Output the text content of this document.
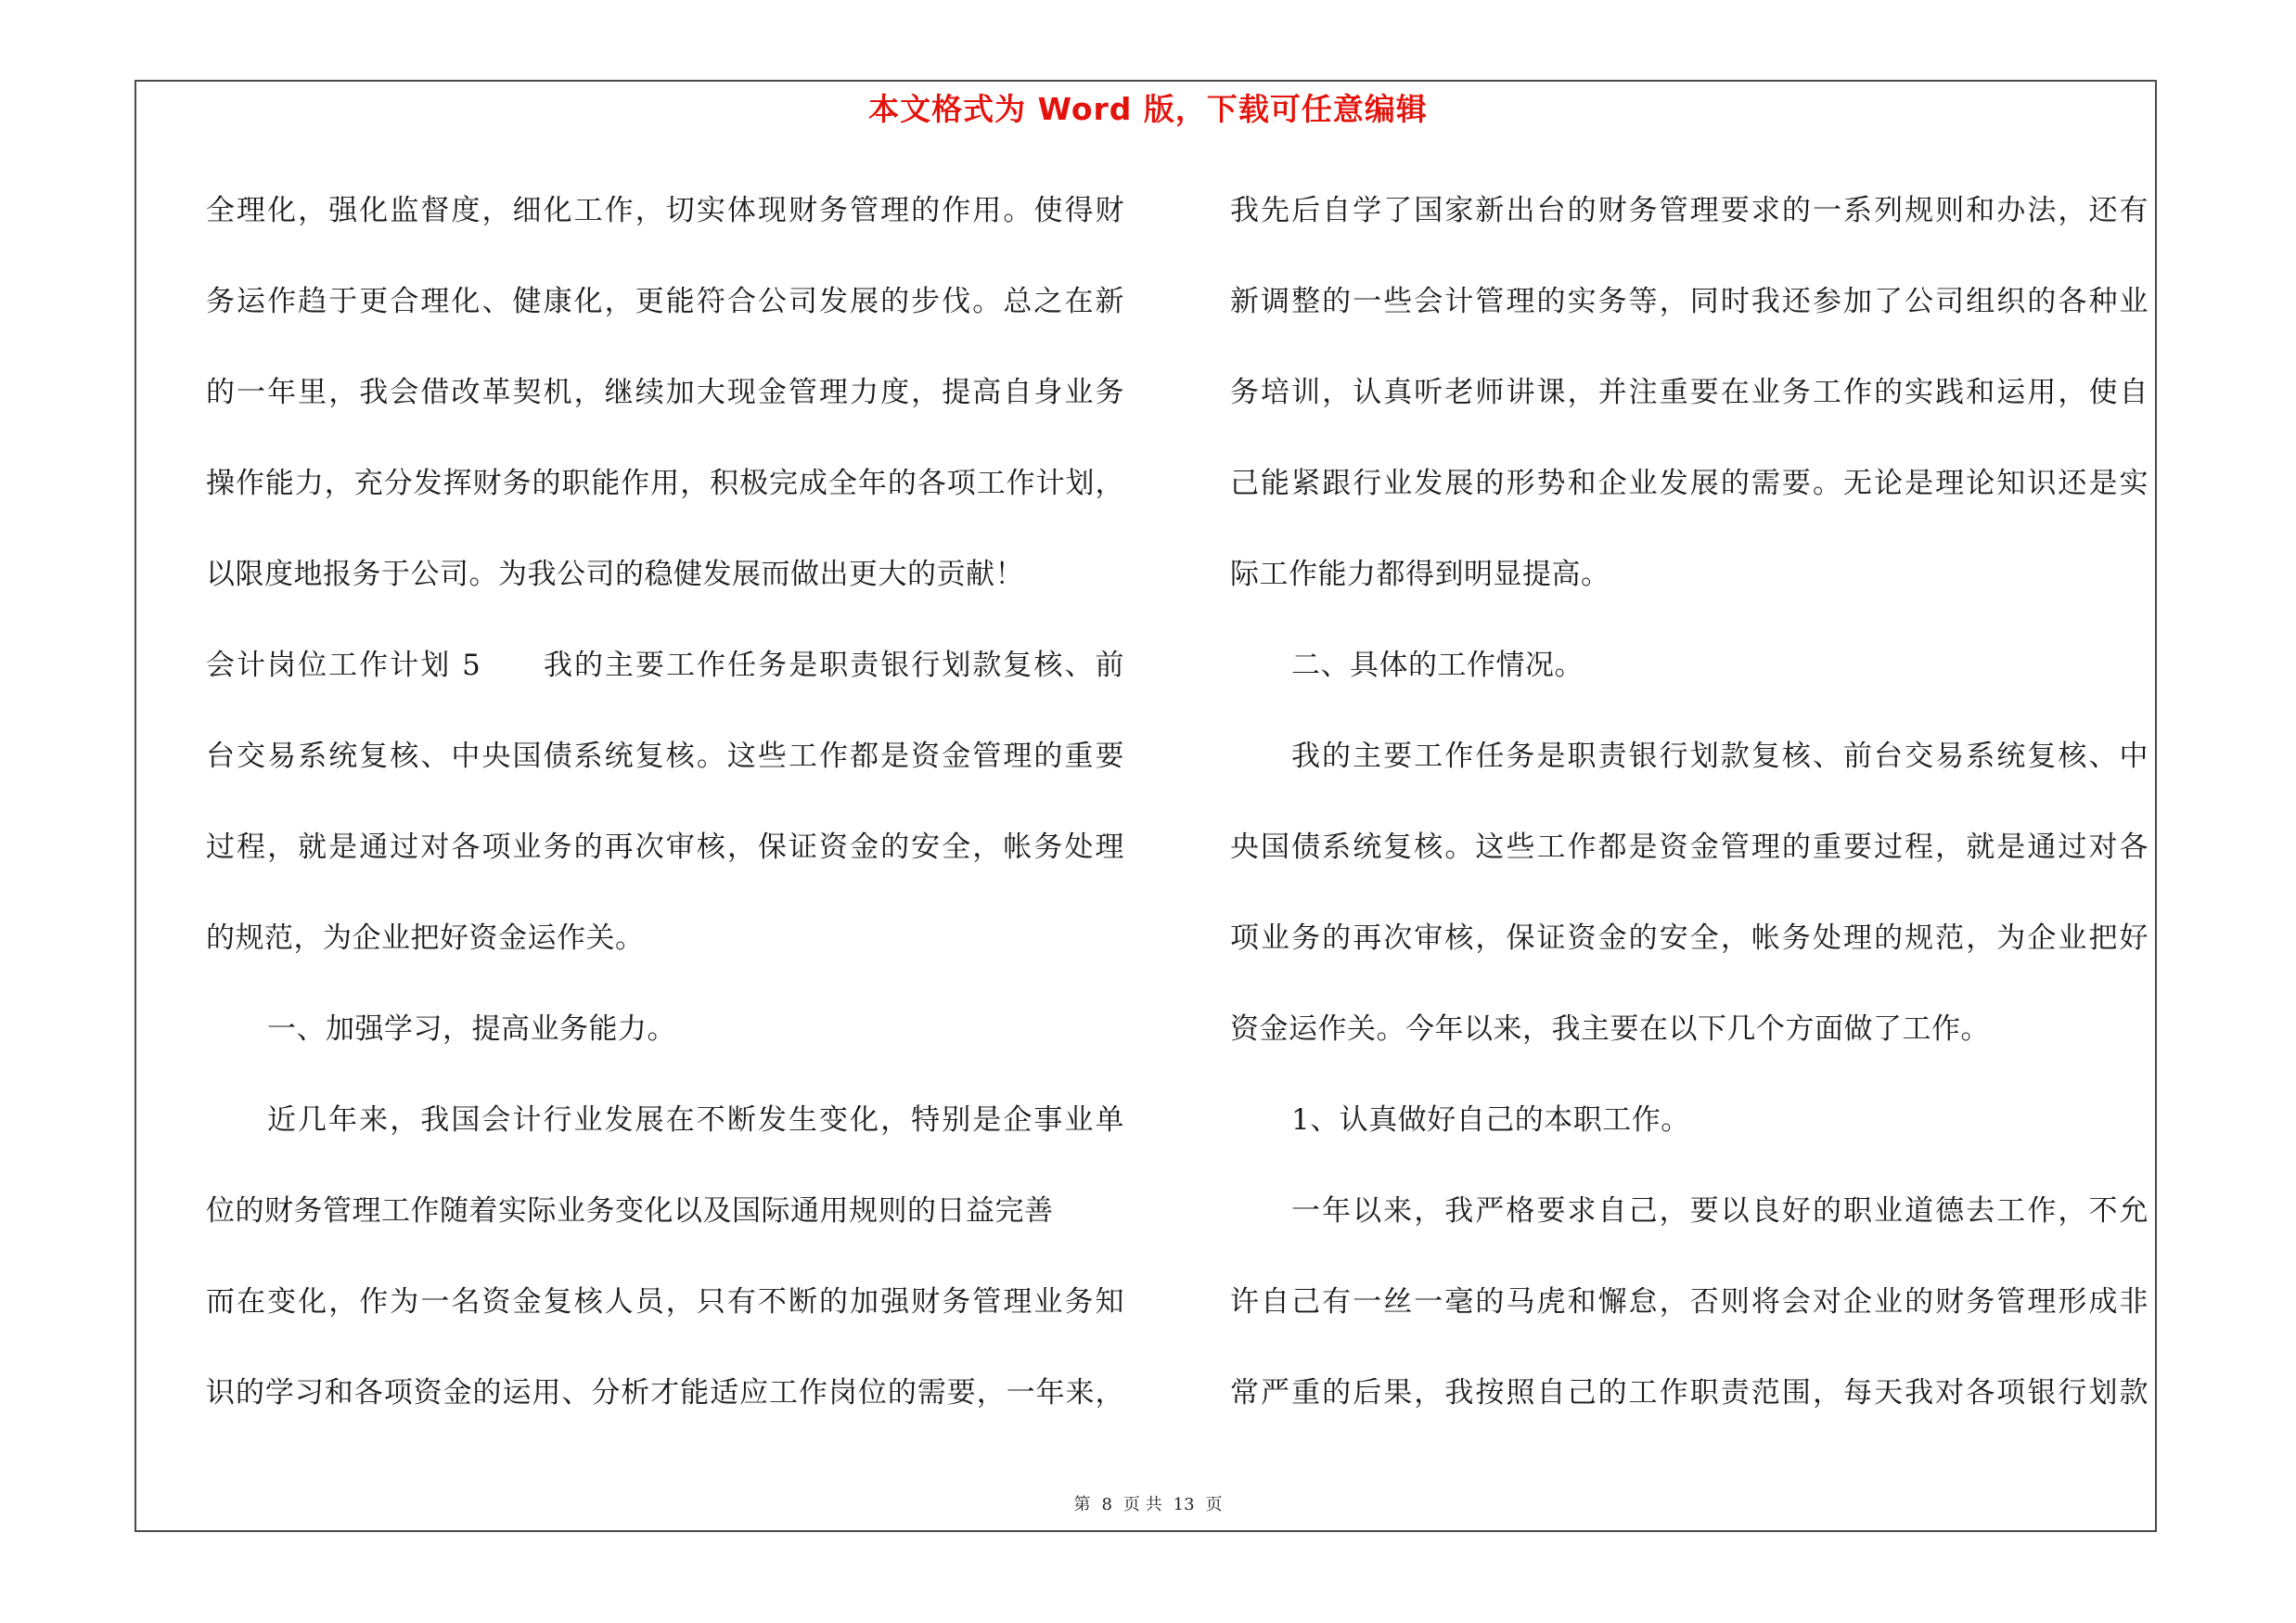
本文格式为 Word 版，下载可任意编辑
全理化，强化监督度，细化工作，切实体现财务管理的作用。使得财
务运作趋于更合理化、健康化，更能符合公司发展的步伐。总之在新
的一年里，我会借改革契机，继续加大现金管理力度，提高自身业务
操作能力，充分发挥财务的职能作用，积极完成全年的各项工作计划，
以限度地报务于公司。为我公司的稳健发展而做出更大的贡献！
会计岗位工作计划 5　　我的主要工作任务是职责银行划款复核、前
台交易系统复核、中央国债系统复核。这些工作都是资金管理的重要
过程，就是通过对各项业务的再次审核，保证资金的安全，帐务处理
的规范，为企业把好资金运作关。
一、加强学习，提高业务能力。
近几年来，我国会计行业发展在不断发生变化，特别是企事业单
位的财务管理工作随着实际业务变化以及国际通用规则的日益完善
而在变化，作为一名资金复核人员，只有不断的加强财务管理业务知
识的学习和各项资金的运用、分析才能适应工作岗位的需要，一年来，
我先后自学了国家新出台的财务管理要求的一系列规则和办法，还有
新调整的一些会计管理的实务等，同时我还参加了公司组织的各种业
务培训，认真听老师讲课，并注重要在业务工作的实践和运用，使自
己能紧跟行业发展的形势和企业发展的需要。无论是理论知识还是实
际工作能力都得到明显提高。
二、具体的工作情况。
我的主要工作任务是职责银行划款复核、前台交易系统复核、中
央国债系统复核。这些工作都是资金管理的重要过程，就是通过对各
项业务的再次审核，保证资金的安全，帐务处理的规范，为企业把好
资金运作关。今年以来，我主要在以下几个方面做了工作。
1、认真做好自己的本职工作。
一年以来，我严格要求自己，要以良好的职业道德去工作，不允
许自己有一丝一毫的马虎和懈怠，否则将会对企业的财务管理形成非
常严重的后果，我按照自己的工作职责范围，每天我对各项银行划款
第 8 页 共 13 页
